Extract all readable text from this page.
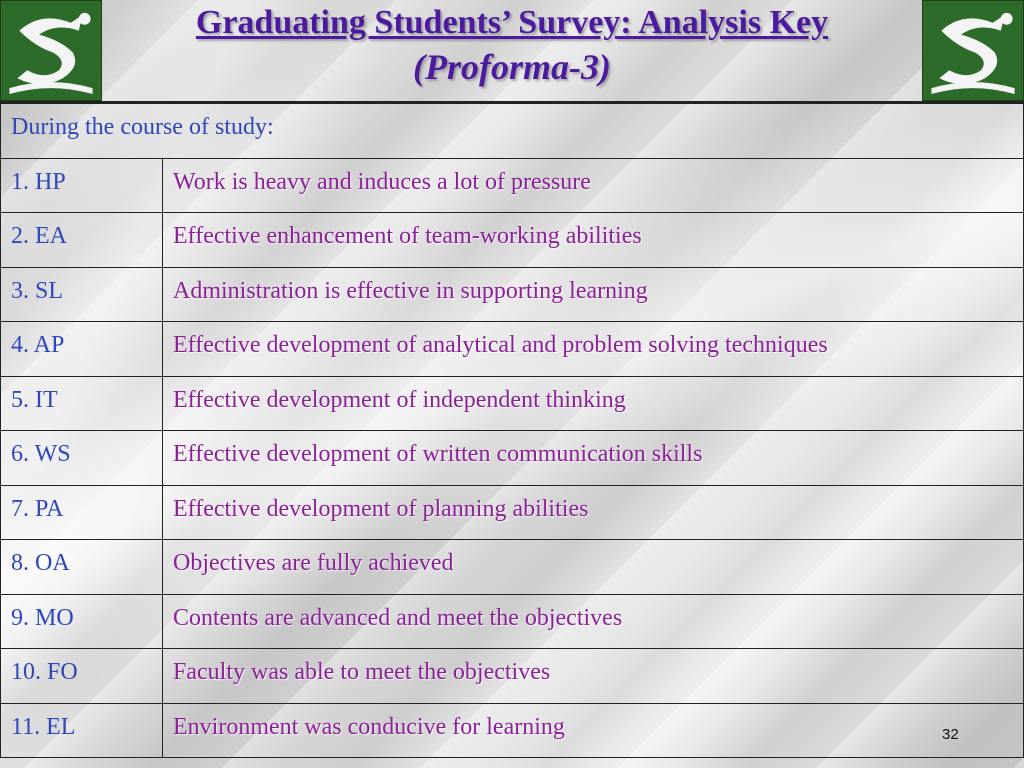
Graduating Students’ Survey: Analysis Key

(Proforma-3)

During the course of study:	
1. HP	Work is heavy and induces a lot of pressure
2. EA	Effective enhancement of team-working abilities
3. SL	Administration is effective in supporting learning
4. AP	Effective development of analytical and problem solving techniques
5. IT	Effective development of independent thinking
6. WS	Effective development of written communication skills
7. PA	Effective development of planning abilities
8. OA	Objectives are fully achieved
9. MO	Contents are advanced and meet the objectives
10. FO	Faculty was able to meet the objectives
11. EL	Environment was conducive for learning	32
